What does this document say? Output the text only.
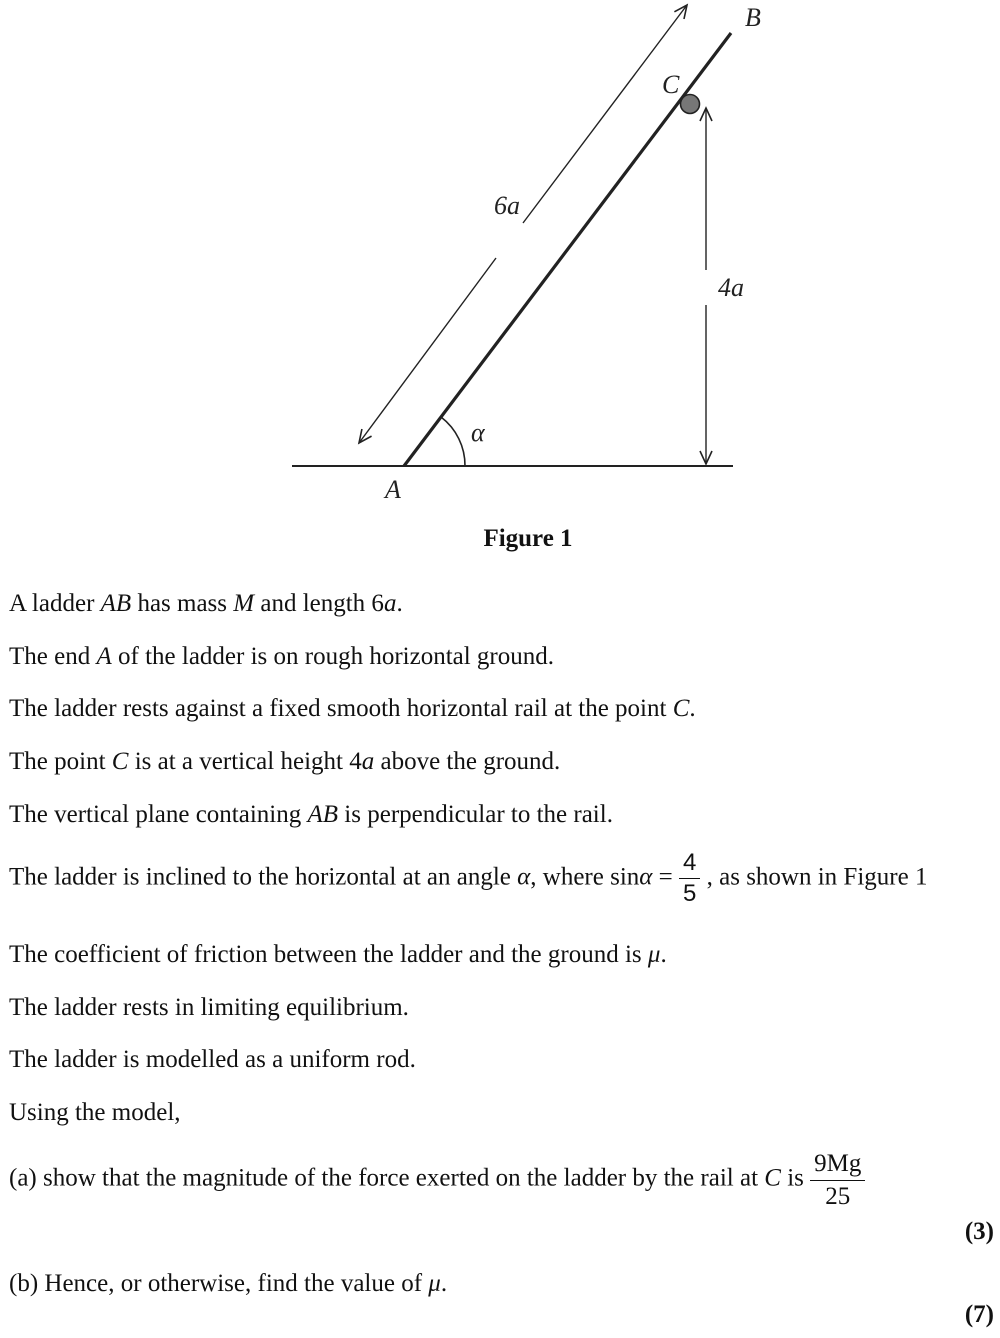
B
C
A
6a
4a
α
Figure 1
A ladder AB has mass M and length 6a.
The end A of the ladder is on rough horizontal ground.
The ladder rests against a fixed smooth horizontal rail at the point C.
The point C is at a vertical height 4a above the ground.
The vertical plane containing AB is perpendicular to the rail.
The ladder is inclined to the horizontal at an angle α, where $\sin\alpha = \frac{4}{5}$ , as shown in Figure 1
The coefficient of friction between the ladder and the ground is μ.
The ladder rests in limiting equilibrium.
The ladder is modelled as a uniform rod.
Using the model,
(a) show that the magnitude of the force exerted on the ladder by the rail at C is $\frac{9Mg}{25}$
(3)
(b) Hence, or otherwise, find the value of μ.
(7)
